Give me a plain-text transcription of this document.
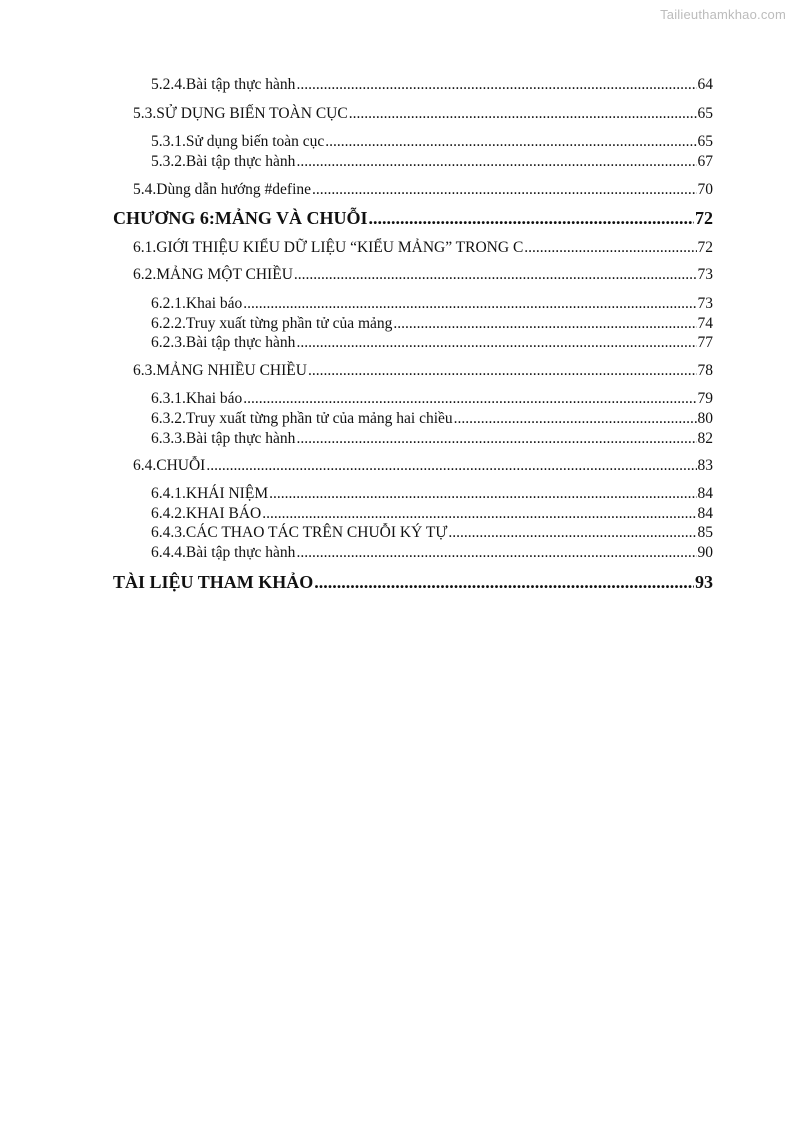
Tailieuthamkhao.com
5.2.4. Bài tập thực hành .....	64
5.3. SỬ DỤNG BIẾN TOÀN CỤC .....	65
5.3.1. Sử dụng biến toàn cục .....	65
5.3.2. Bài tập thực hành .....	67
5.4. Dùng dẫn hướng #define .....	70
CHƯƠNG 6: MẢNG VÀ CHUỖI .....	72
6.1. GIỚI THIỆU KIỂU DỮ LIỆU “KIỂU MẢNG” TRONG C .....	72
6.2. MẢNG MỘT CHIỀU .....	73
6.2.1. Khai báo .....	73
6.2.2. Truy xuất từng phần tử của mảng .....	74
6.2.3. Bài tập thực hành .....	77
6.3. MẢNG NHIỀU CHIỀU .....	78
6.3.1. Khai báo .....	79
6.3.2. Truy xuất từng phần tử của mảng hai chiều .....	80
6.3.3. Bài tập thực hành .....	82
6.4. CHUỖI .....	83
6.4.1. KHÁI NIỆM .....	84
6.4.2. KHAI BÁO .....	84
6.4.3. CÁC THAO TÁC TRÊN CHUỖI KÝ TỰ .....	85
6.4.4. Bài tập thực hành .....	90
TÀI LIỆU THAM KHẢO .....	93
